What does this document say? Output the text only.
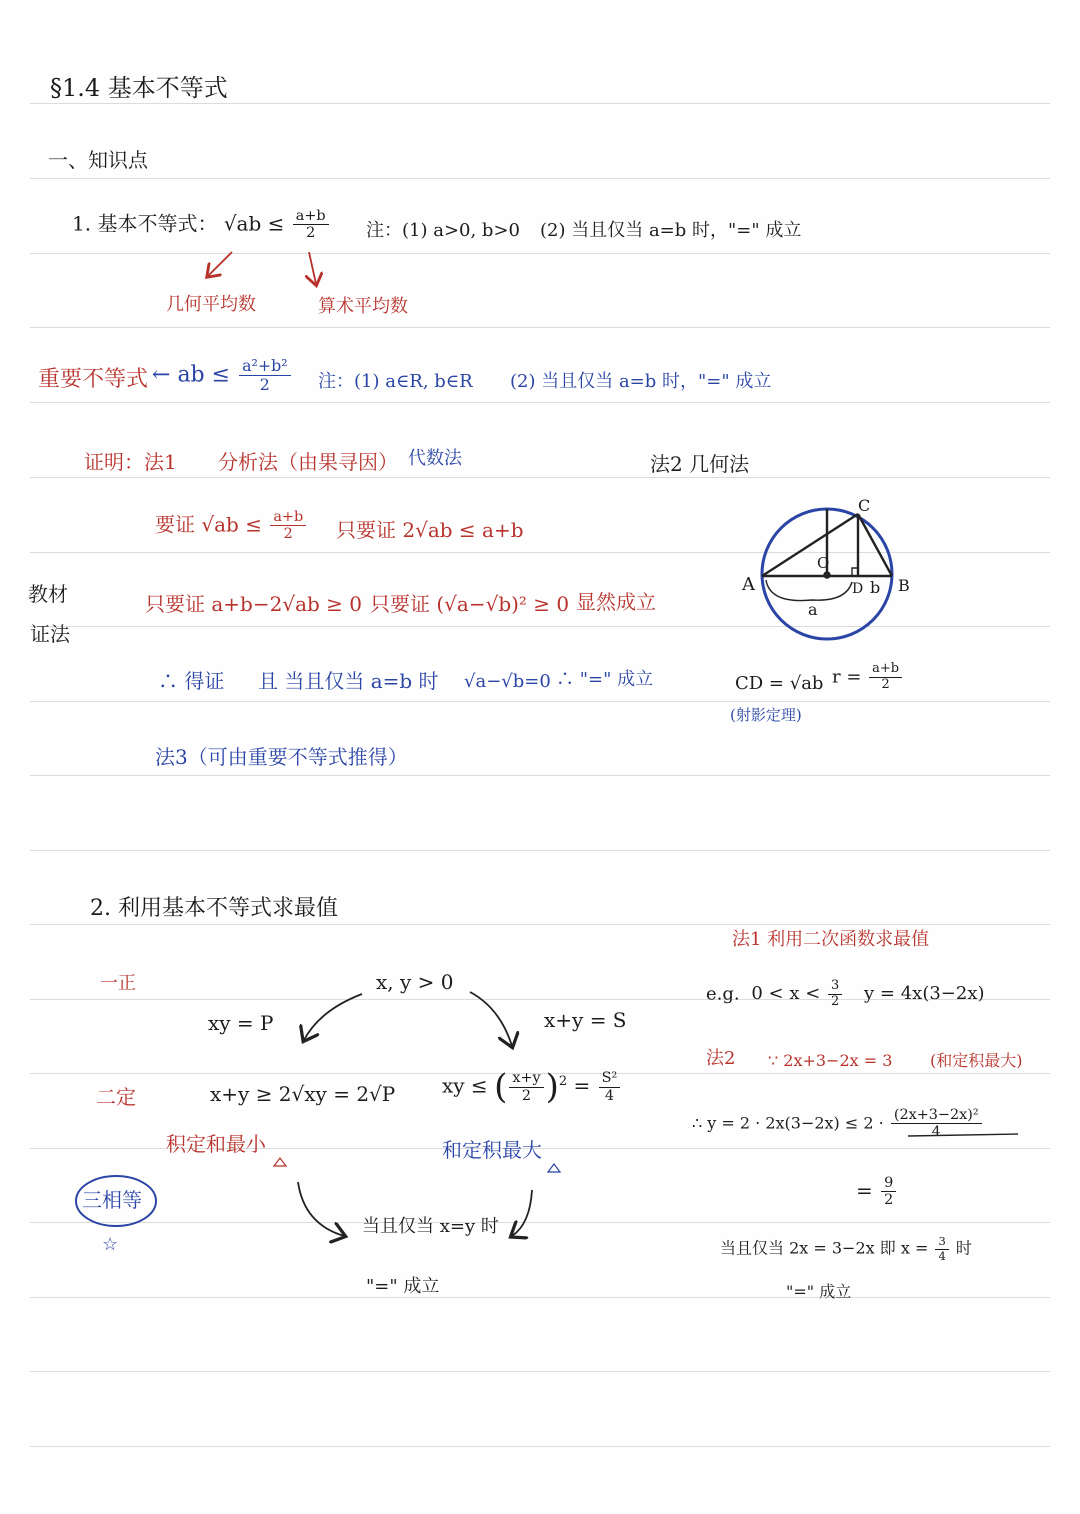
§1.4 基本不等式
一、知识点
1. 基本不等式： $√ab \le \frac{a+b}{2}$ 注：(1) a>0, b>0 (2) 当且仅当 a=b 时，"=" 成立
几何平均数	算术平均数
重要不等式 ← ab ≤ $\frac{\text{a²+b²}}{2}$ 注：(1) a∈R, b∈R (2) 当且仅当 a=b 时，"=" 成立
证明：法1 分析法（由果寻因） 代数法	法2 几何法
要证 $√ab \le \frac{a+b}{2}$ 只要证 2√ab ≤ a+b
教材
证法
只要证 a+b−2√ab ≥ 0 只要证 (√a−√b)² ≥ 0 显然成立
∴ 得证 且 当且仅当 a=b 时 √a−√b=0 ∴ "=" 成立	CD = √ab $r = \frac{a+b}{2}$
(射影定理)
法3（可由重要不等式推得）
A	B
C
O
D b
a
2. 利用基本不等式求最值
一正
二定
三相等
☆
x, y > 0
xy = P	x+y = S
x+y ≥ 2√xy = 2√P xy ≤ ( $\frac{x+y}{2} )^2 = \frac{\text{S²}}{4}$
积定和最小	和定积最大
当且仅当 x=y 时
"=" 成立
法1 利用二次函数求最值
e.g. $0 < x < \frac{3}{2}$ y = 4x(3−2x)
法2 ∵ 2x+3−2x = 3 (和定积最大)
∴ $y = 2 \cdot 2x(3-2x) \le 2 \cdot \frac{\text{(2x+3−2x)²}}{4}$
= $\frac{9}{2}$
当且仅当 2x = 3−2x 即 $x = \frac{3}{4}$ 时
"=" 成立
